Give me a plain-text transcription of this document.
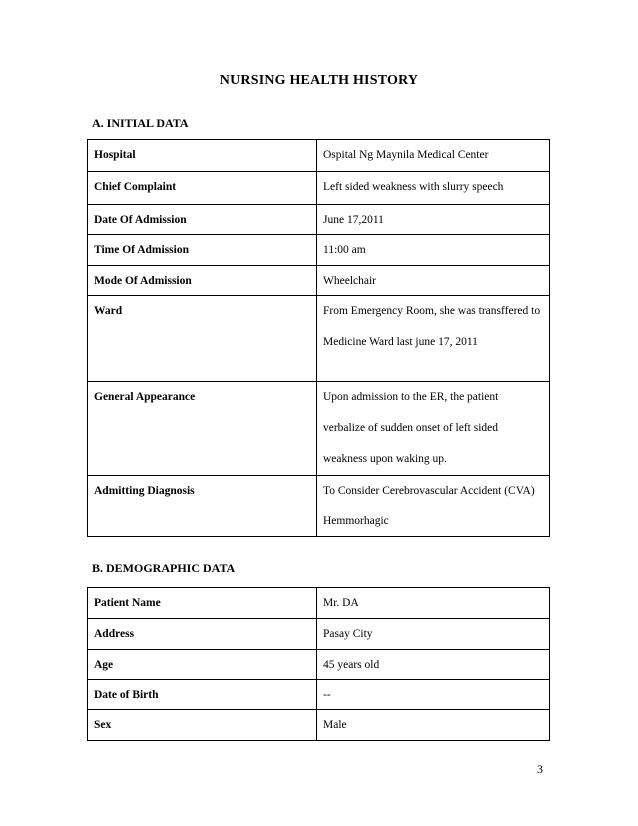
NURSING HEALTH HISTORY
A. INITIAL DATA
Hospital	Ospital Ng Maynila Medical Center
Chief Complaint	Left sided weakness with slurry speech
Date Of Admission	June 17,2011
Time Of Admission	11:00 am
Mode Of Admission	Wheelchair
Ward	From Emergency Room, she was transffered to Medicine Ward last june 17, 2011
General Appearance	Upon admission to the ER, the patient verbalize of sudden onset of left sided weakness upon waking up.
Admitting Diagnosis	To Consider Cerebrovascular Accident (CVA) Hemmorhagic
B. DEMOGRAPHIC DATA
Patient Name	Mr. DA
Address	Pasay City
Age	45 years old
Date of Birth	--
Sex	Male
3
